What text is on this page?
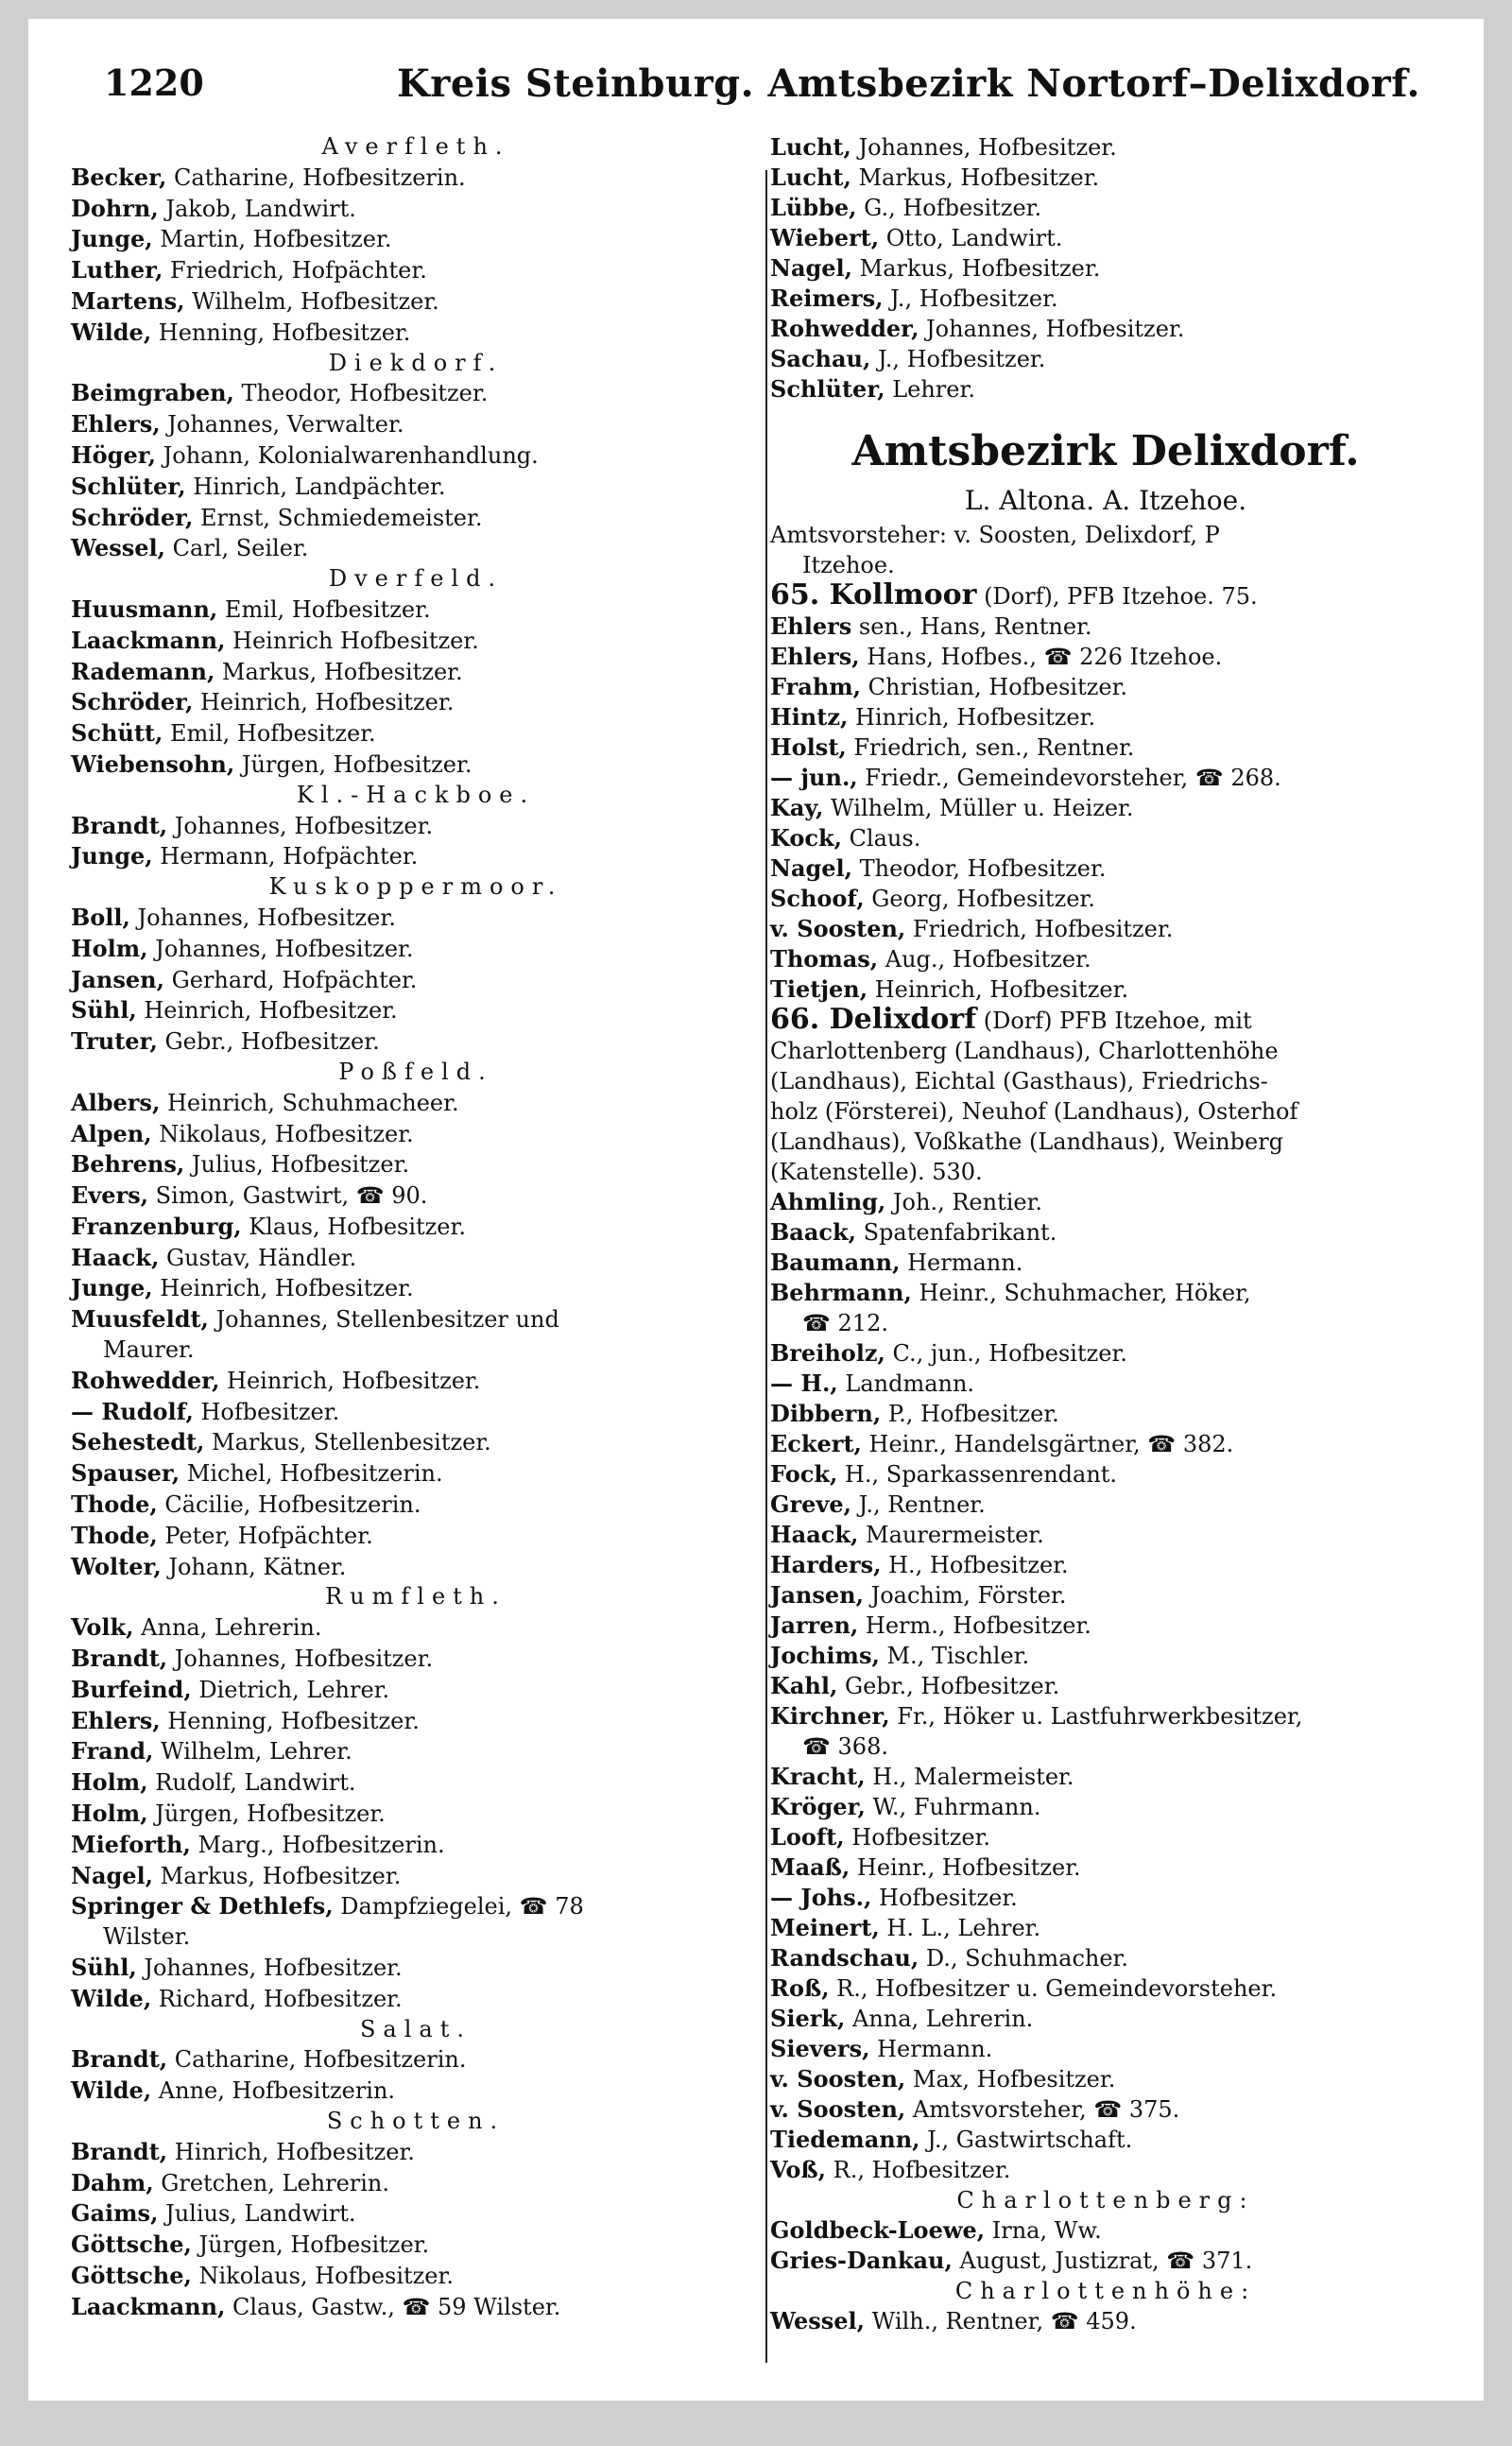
1220	Kreis Steinburg. Amtsbezirk Nortorf–Delixdorf.
Averfleth.
Becker, Catharine, Hofbesitzerin.
Dohrn, Jakob, Landwirt.
Junge, Martin, Hofbesitzer.
Luther, Friedrich, Hofpächter.
Martens, Wilhelm, Hofbesitzer.
Wilde, Henning, Hofbesitzer.
Diekdorf.
Beimgraben, Theodor, Hofbesitzer.
Ehlers, Johannes, Verwalter.
Höger, Johann, Kolonialwarenhandlung.
Schlüter, Hinrich, Landpächter.
Schröder, Ernst, Schmiedemeister.
Wessel, Carl, Seiler.
Dverfeld.
Huusmann, Emil, Hofbesitzer.
Laackmann, Heinrich Hofbesitzer.
Rademann, Markus, Hofbesitzer.
Schröder, Heinrich, Hofbesitzer.
Schütt, Emil, Hofbesitzer.
Wiebensohn, Jürgen, Hofbesitzer.
Kl.-Hackboe.
Brandt, Johannes, Hofbesitzer.
Junge, Hermann, Hofpächter.
Kuskoppermoor.
Boll, Johannes, Hofbesitzer.
Holm, Johannes, Hofbesitzer.
Jansen, Gerhard, Hofpächter.
Sühl, Heinrich, Hofbesitzer.
Truter, Gebr., Hofbesitzer.
Poßfeld.
Albers, Heinrich, Schuhmacheer.
Alpen, Nikolaus, Hofbesitzer.
Behrens, Julius, Hofbesitzer.
Evers, Simon, Gastwirt, ☎ 90.
Franzenburg, Klaus, Hofbesitzer.
Haack, Gustav, Händler.
Junge, Heinrich, Hofbesitzer.
Muusfeldt, Johannes, Stellenbesitzer und
Maurer.
Rohwedder, Heinrich, Hofbesitzer.
— Rudolf, Hofbesitzer.
Sehestedt, Markus, Stellenbesitzer.
Spauser, Michel, Hofbesitzerin.
Thode, Cäcilie, Hofbesitzerin.
Thode, Peter, Hofpächter.
Wolter, Johann, Kätner.
Rumfleth.
Volk, Anna, Lehrerin.
Brandt, Johannes, Hofbesitzer.
Burfeind, Dietrich, Lehrer.
Ehlers, Henning, Hofbesitzer.
Frand, Wilhelm, Lehrer.
Holm, Rudolf, Landwirt.
Holm, Jürgen, Hofbesitzer.
Mieforth, Marg., Hofbesitzerin.
Nagel, Markus, Hofbesitzer.
Springer & Dethlefs, Dampfziegelei, ☎ 78
Wilster.
Sühl, Johannes, Hofbesitzer.
Wilde, Richard, Hofbesitzer.
Salat.
Brandt, Catharine, Hofbesitzerin.
Wilde, Anne, Hofbesitzerin.
Schotten.
Brandt, Hinrich, Hofbesitzer.
Dahm, Gretchen, Lehrerin.
Gaims, Julius, Landwirt.
Göttsche, Jürgen, Hofbesitzer.
Göttsche, Nikolaus, Hofbesitzer.
Laackmann, Claus, Gastw., ☎ 59 Wilster.
Lucht, Johannes, Hofbesitzer.
Lucht, Markus, Hofbesitzer.
Lübbe, G., Hofbesitzer.
Wiebert, Otto, Landwirt.
Nagel, Markus, Hofbesitzer.
Reimers, J., Hofbesitzer.
Rohwedder, Johannes, Hofbesitzer.
Sachau, J., Hofbesitzer.
Schlüter, Lehrer.
Amtsbezirk Delixdorf.
L. Altona. A. Itzehoe.
Amtsvorsteher: v. Soosten, Delixdorf, P
Itzehoe.
65. Kollmoor (Dorf), PFB Itzehoe. 75.
Ehlers sen., Hans, Rentner.
Ehlers, Hans, Hofbes., ☎ 226 Itzehoe.
Frahm, Christian, Hofbesitzer.
Hintz, Hinrich, Hofbesitzer.
Holst, Friedrich, sen., Rentner.
— jun., Friedr., Gemeindevorsteher, ☎ 268.
Kay, Wilhelm, Müller u. Heizer.
Kock, Claus.
Nagel, Theodor, Hofbesitzer.
Schoof, Georg, Hofbesitzer.
v. Soosten, Friedrich, Hofbesitzer.
Thomas, Aug., Hofbesitzer.
Tietjen, Heinrich, Hofbesitzer.
66. Delixdorf (Dorf) PFB Itzehoe, mit
Charlottenberg (Landhaus), Charlottenhöhe
(Landhaus), Eichtal (Gasthaus), Friedrichs-
holz (Försterei), Neuhof (Landhaus), Osterhof
(Landhaus), Voßkathe (Landhaus), Weinberg
(Katenstelle). 530.
Ahmling, Joh., Rentier.
Baack, Spatenfabrikant.
Baumann, Hermann.
Behrmann, Heinr., Schuhmacher, Höker,
☎ 212.
Breiholz, C., jun., Hofbesitzer.
— H., Landmann.
Dibbern, P., Hofbesitzer.
Eckert, Heinr., Handelsgärtner, ☎ 382.
Fock, H., Sparkassenrendant.
Greve, J., Rentner.
Haack, Maurermeister.
Harders, H., Hofbesitzer.
Jansen, Joachim, Förster.
Jarren, Herm., Hofbesitzer.
Jochims, M., Tischler.
Kahl, Gebr., Hofbesitzer.
Kirchner, Fr., Höker u. Lastfuhrwerkbesitzer,
☎ 368.
Kracht, H., Malermeister.
Kröger, W., Fuhrmann.
Looft, Hofbesitzer.
Maaß, Heinr., Hofbesitzer.
— Johs., Hofbesitzer.
Meinert, H. L., Lehrer.
Randschau, D., Schuhmacher.
Roß, R., Hofbesitzer u. Gemeindevorsteher.
Sierk, Anna, Lehrerin.
Sievers, Hermann.
v. Soosten, Max, Hofbesitzer.
v. Soosten, Amtsvorsteher, ☎ 375.
Tiedemann, J., Gastwirtschaft.
Voß, R., Hofbesitzer.
Charlottenberg:
Goldbeck-Loewe, Irna, Ww.
Gries-Dankau, August, Justizrat, ☎ 371.
Charlottenhöhe:
Wessel, Wilh., Rentner, ☎ 459.
